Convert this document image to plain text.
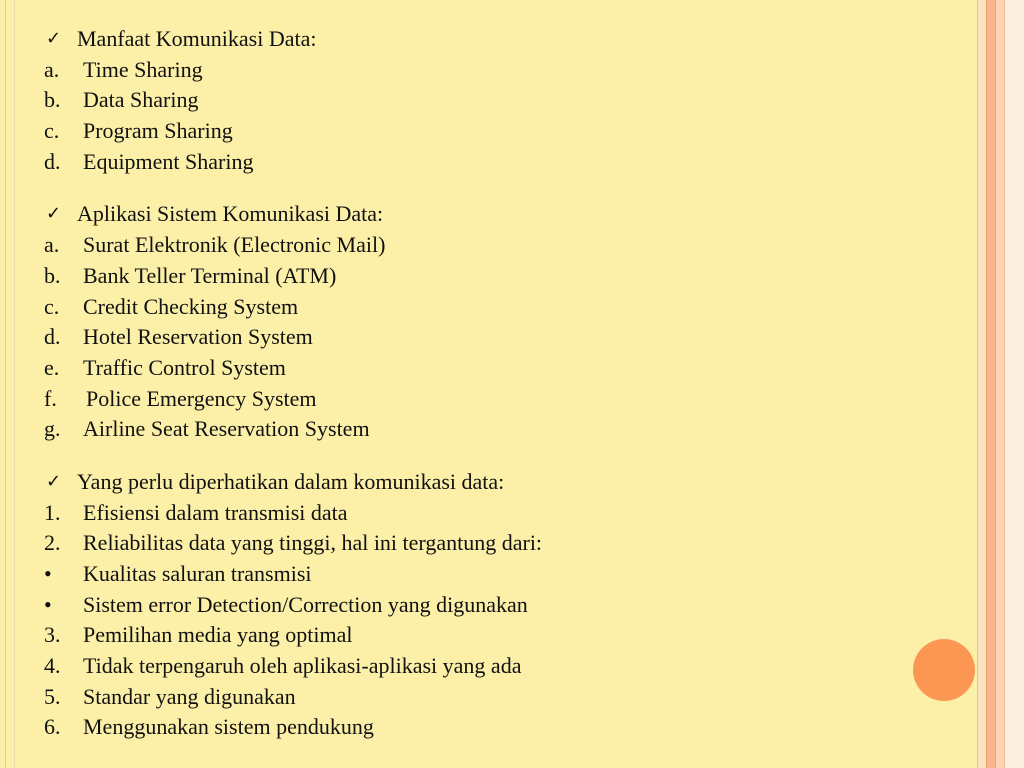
✓ Manfaat Komunikasi Data:
a. Time Sharing
b. Data Sharing
c. Program Sharing
d. Equipment Sharing
✓ Aplikasi Sistem Komunikasi Data:
a. Surat Elektronik (Electronic Mail)
b. Bank Teller Terminal (ATM)
c. Credit Checking System
d. Hotel Reservation System
e. Traffic Control System
f. Police Emergency System
g. Airline Seat Reservation System
✓ Yang perlu diperhatikan dalam komunikasi data:
1. Efisiensi dalam transmisi data
2. Reliabilitas data yang tinggi, hal ini tergantung dari:
• Kualitas saluran transmisi
• Sistem error Detection/Correction yang digunakan
3. Pemilihan media yang optimal
4. Tidak terpengaruh oleh aplikasi-aplikasi yang ada
5. Standar yang digunakan
6. Menggunakan sistem pendukung
